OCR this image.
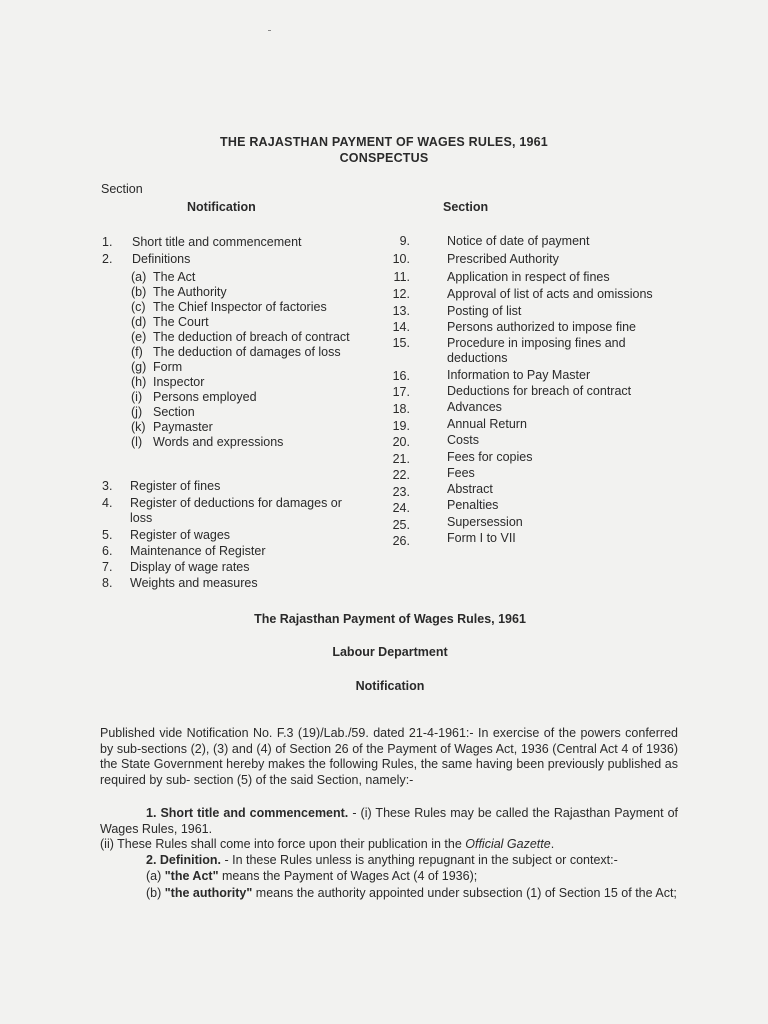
THE RAJASTHAN PAYMENT OF WAGES RULES, 1961
CONSPECTUS
Section
Notification	Section
1. Short title and commencement
2. Definitions
(a) The Act
(b) The Authority
(c) The Chief Inspector of factories
(d) The Court
(e) The deduction of breach of contract
(f) The deduction of damages of loss
(g) Form
(h) Inspector
(i) Persons employed
(j) Section
(k) Paymaster
(l) Words and expressions
3. Register of fines
4. Register of deductions for damages or
loss
5. Register of wages
6. Maintenance of Register
7. Display of wage rates
8. Weights and measures
9.	Notice of date of payment
10.	Prescribed Authority
11.	Application in respect of fines
12.	Approval of list of acts and omissions
13.	Posting of list
14.	Persons authorized to impose fine
15.	Procedure in imposing fines and
deductions
16.	Information to Pay Master
17.	Deductions for breach of contract
18.	Advances
19.	Annual Return
20.	Costs
21.	Fees for copies
22.	Fees
23.	Abstract
24.	Penalties
25.	Supersession
26.	Form I to VII
The Rajasthan Payment of Wages Rules, 1961
Labour Department
Notification

Published vide Notification No. F.3 (19)/Lab./59. dated 21-4-1961:- In exercise of the powers conferred by sub-sections (2), (3) and (4) of Section 26 of the Payment of Wages Act, 1936 (Central Act 4 of 1936) the State Government hereby makes the following Rules, the same having been previously published as required by sub- section (5) of the said Section, namely:-

1. Short title and commencement. - (i) These Rules may be called the Rajasthan Payment of Wages Rules, 1961.

(ii) These Rules shall come into force upon their publication in the Official Gazette.
2. Definition. - In these Rules unless is anything repugnant in the subject or context:-
(a) "the Act" means the Payment of Wages Act (4 of 1936);
(b) "the authority" means the authority appointed under subsection (1) of Section 15 of the Act;
